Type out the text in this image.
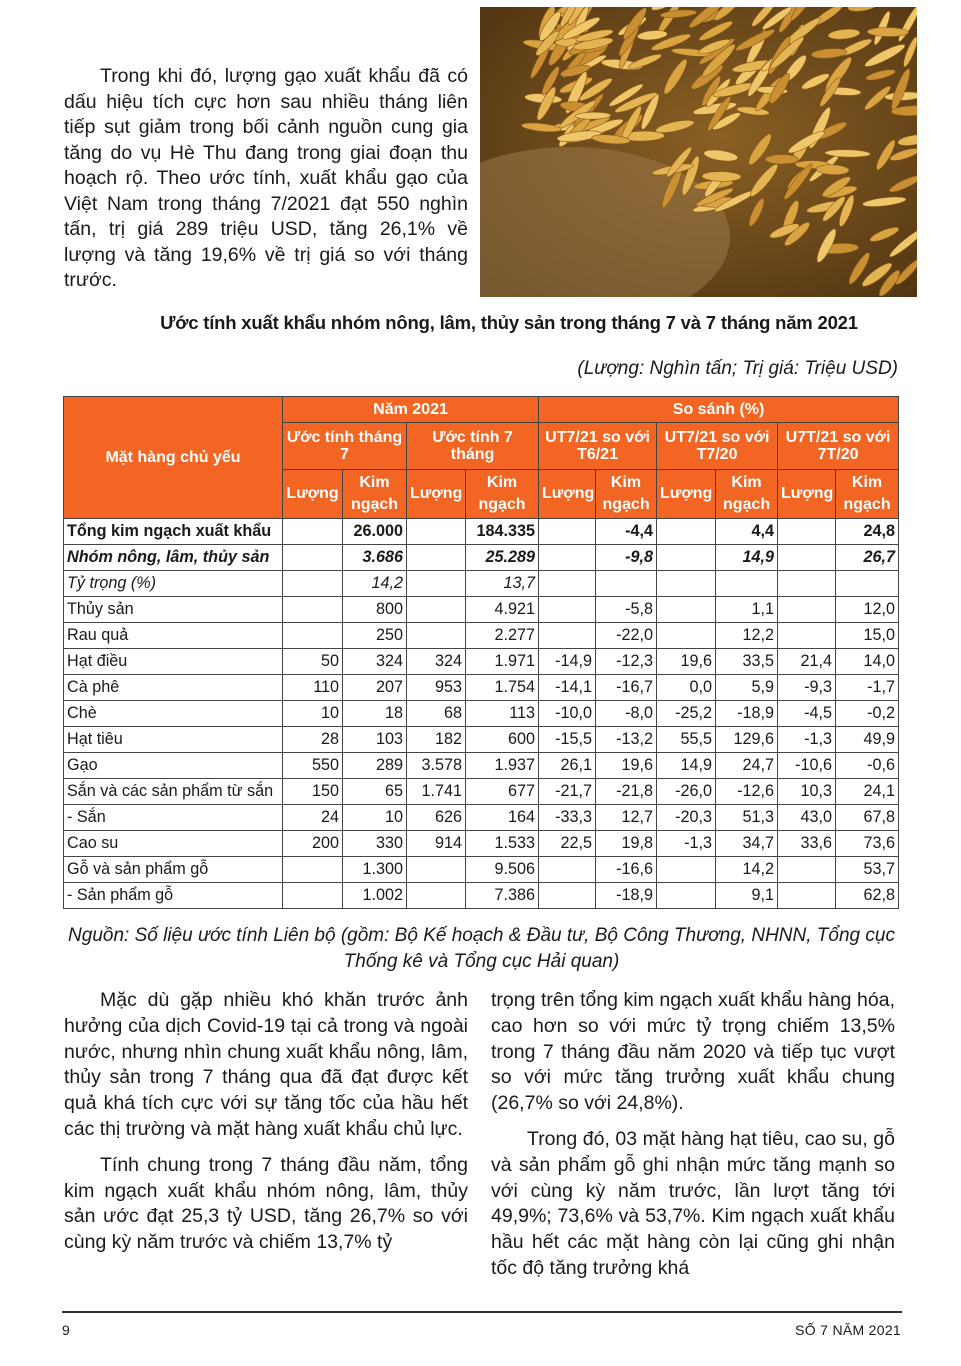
Trong khi đó, lượng gạo xuất khẩu đã có dấu hiệu tích cực hơn sau nhiều tháng liên tiếp sụt giảm trong bối cảnh nguồn cung gia tăng do vụ Hè Thu đang trong giai đoạn thu hoạch rộ. Theo ước tính, xuất khẩu gạo của Việt Nam trong tháng 7/2021 đạt 550 nghìn tấn, trị giá 289 triệu USD, tăng 26,1% về lượng và tăng 19,6% về trị giá so với tháng trước.

Ước tính xuất khẩu nhóm nông, lâm, thủy sản trong tháng 7 và 7 tháng năm 2021

(Lượng: Nghìn tấn; Trị giá: Triệu USD)

Mặt hàng chủ yếu	Năm 2021				So sánh (%)					
	Ước tính tháng 7		Ước tính 7 tháng		UT7/21 so với T6/21		UT7/21 so với T7/20		U7T/21 so với 7T/20	
	Lượng	Kim ngạch	Lượng	Kim ngạch	Lượng	Kim ngạch	Lượng	Kim ngạch	Lượng	Kim ngạch
Tổng kim ngạch xuất khẩu		26.000		184.335		-4,4		4,4		24,8
Nhóm nông, lâm, thủy sản		3.686		25.289		-9,8		14,9		26,7
Tỷ trọng (%)		14,2		13,7						
Thủy sản		800		4.921		-5,8		1,1		12,0
Rau quả		250		2.277		-22,0		12,2		15,0
Hạt điều	50	324	324	1.971	-14,9	-12,3	19,6	33,5	21,4	14,0
Cà phê	110	207	953	1.754	-14,1	-16,7	0,0	5,9	-9,3	-1,7
Chè	10	18	68	113	-10,0	-8,0	-25,2	-18,9	-4,5	-0,2
Hạt tiêu	28	103	182	600	-15,5	-13,2	55,5	129,6	-1,3	49,9
Gạo	550	289	3.578	1.937	26,1	19,6	14,9	24,7	-10,6	-0,6
Sắn và các sản phẩm từ sắn	150	65	1.741	677	-21,7	-21,8	-26,0	-12,6	10,3	24,1
- Sắn	24	10	626	164	-33,3	12,7	-20,3	51,3	43,0	67,8
Cao su	200	330	914	1.533	22,5	19,8	-1,3	34,7	33,6	73,6
Gỗ và sản phẩm gỗ		1.300		9.506		-16,6		14,2		53,7
- Sản phẩm gỗ		1.002		7.386		-18,9		9,1		62,8

Nguồn: Số liệu ước tính Liên bộ (gồm: Bộ Kế hoạch & Đầu tư, Bộ Công Thương, NHNN, Tổng cục Thống kê và Tổng cục Hải quan)

Mặc dù gặp nhiều khó khăn trước ảnh hưởng của dịch Covid-19 tại cả trong và ngoài nước, nhưng nhìn chung xuất khẩu nông, lâm, thủy sản trong 7 tháng qua đã đạt được kết quả khá tích cực với sự tăng tốc của hầu hết các thị trường và mặt hàng xuất khẩu chủ lực.

Tính chung trong 7 tháng đầu năm, tổng kim ngạch xuất khẩu nhóm nông, lâm, thủy sản ước đạt 25,3 tỷ USD, tăng 26,7% so với cùng kỳ năm trước và chiếm 13,7% tỷ

trọng trên tổng kim ngạch xuất khẩu hàng hóa, cao hơn so với mức tỷ trọng chiếm 13,5% trong 7 tháng đầu năm 2020 và tiếp tục vượt so với mức tăng trưởng xuất khẩu chung (26,7% so với 24,8%).

Trong đó, 03 mặt hàng hạt tiêu, cao su, gỗ và sản phẩm gỗ ghi nhận mức tăng mạnh so với cùng kỳ năm trước, lần lượt tăng tới 49,9%; 73,6% và 53,7%. Kim ngạch xuất khẩu hầu hết các mặt hàng còn lại cũng ghi nhận tốc độ tăng trưởng khá

9	SỐ 7 NĂM 2021
